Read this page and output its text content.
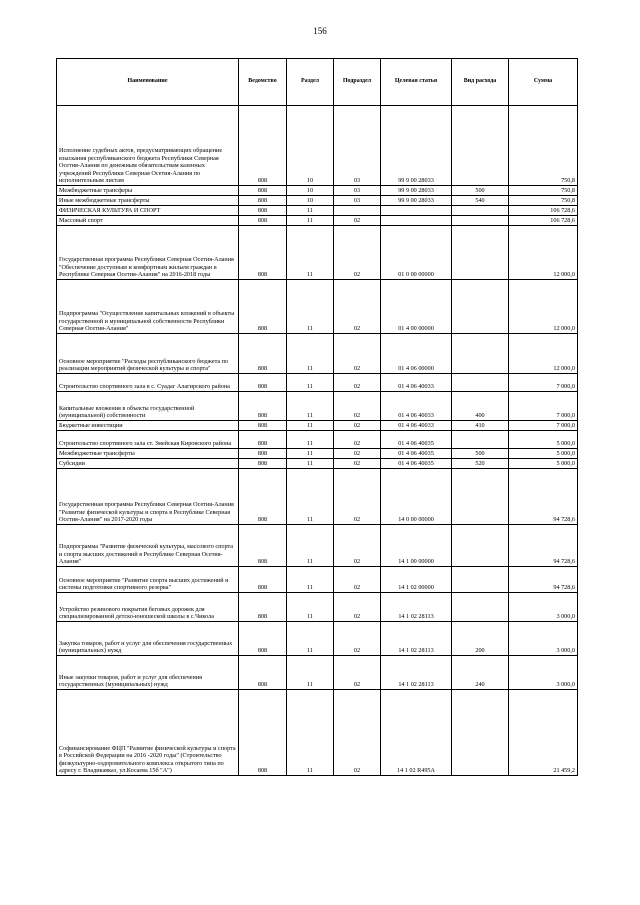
156
Наименование	Ведомство	Раздел	Подраздел	Целевая статья	Вид расхода	Сумма
Исполнение судебных актов, предусматривающих обращение взыскания республиканского бюджета Республики Северная Осетия-Алания по денежным обязательствам казенных учреждений Республики Северная Осетия-Алания по исполнительным листам	808	10	03	99 9 00 28033		750,8
Межбюджетные трансферы	808	10	03	99 9 00 28033	500	750,8
Иные межбюджетные трансферты	808	10	03	99 9 00 28033	540	750,8
ФИЗИЧЕСКАЯ КУЛЬТУРА И СПОРТ	808	11				106 728,6
Массовый спорт	808	11	02			106 728,6
Государственная программа Республики Северная Осетия-Алания "Обеспечение доступным и комфортным жильем граждан в Республике Северная Осетия-Алания" на 2016-2018 годы	808	11	02	01 0 00 00000		12 000,0
Подпрограмма "Осуществление капитальных вложений в объекты государственной и муниципальной собственности Республики Северная Осетия-Алания"	808	11	02	01 4 00 00000		12 000,0
Основное мероприятие "Расходы республиканского бюджета по реализации мероприятий физической культуры и спорта"	808	11	02	01 4 06 00000		12 000,0
Строительство спортивного зала в с. Суадаг Алагирского района	808	11	02	01 4 06 40033		7 000,0
Капитальные вложения в объекты государственной (муниципальной) собственности	808	11	02	01 4 06 40033	400	7 000,0
Бюджетные инвестиции	808	11	02	01 4 06 40033	410	7 000,0
Строительство спортивного зала ст. Змейская Кировского района	808	11	02	01 4 06 40035		5 000,0
Межбюджетные трансферты	808	11	02	01 4 06 40035	500	5 000,0
Субсидии	808	11	02	01 4 06 40035	520	5 000,0
Государственная программа Республики Северная Осетия-Алания "Развитие физической культуры и спорта в Республике Северная Осетия-Алания" на 2017-2020 годы	808	11	02	14 0 00 00000		94 728,6
Подпрограмма "Развитие физической культуры, массового спорта и спорта высших достижений в Республике Северная Осетия-Алания"	808	11	02	14 1 00 00000		94 728,6
Основное мероприятие "Развитие спорта высших достижений и системы подготовки спортивного резерва"	808	11	02	14 1 02 00000		94 728,6
Устройство резинового покрытия беговых дорожек для специализированной детско-юношеской школы в с.Чикола	808	11	02	14 1 02 28113		3 000,0
Закупка товаров, работ и услуг для обеспечения государственных (муниципальных) нужд	808	11	02	14 1 02 28113	200	3 000,0
Иные закупки товаров, работ и услуг для обеспечения государственных (муниципальных) нужд	808	11	02	14 1 02 28113	240	3 000,0
Софинансирование ФЦП "Развитие физической культуры и спорта в Российской Федерации на 2016 -2020 годы" (Строительство физкультурно-оздоровительного комплекса открытого типа по адресу г. Владикавказ, ул.Косаева 15б "А")	808	11	02	14 1 02 R495A		21 459,2
